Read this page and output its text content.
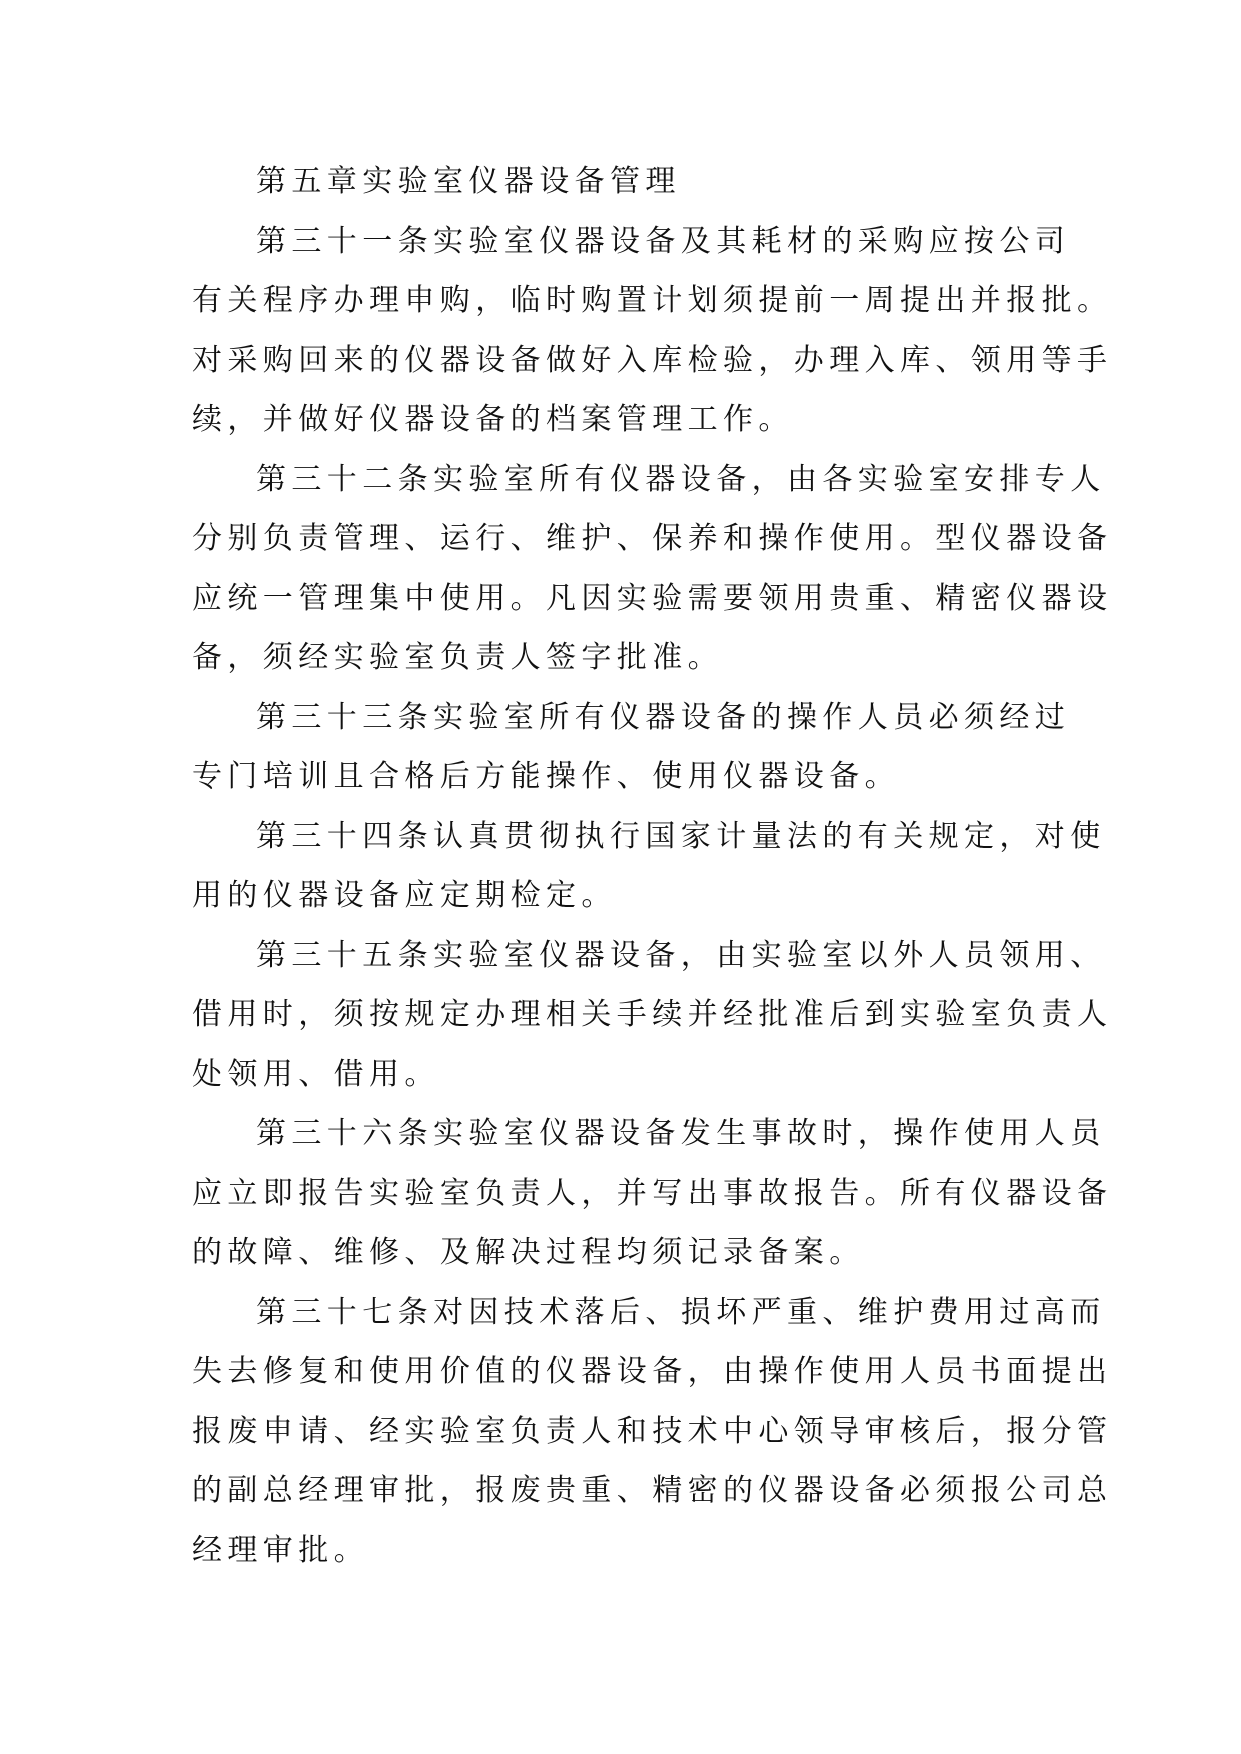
第五章实验室仪器设备管理
第三十一条实验室仪器设备及其耗材的采购应按公司
有关程序办理申购，临时购置计划须提前一周提出并报批。
对采购回来的仪器设备做好入库检验，办理入库、领用等手
续，并做好仪器设备的档案管理工作。
第三十二条实验室所有仪器设备，由各实验室安排专人
分别负责管理、运行、维护、保养和操作使用。型仪器设备
应统一管理集中使用。凡因实验需要领用贵重、精密仪器设
备，须经实验室负责人签字批准。
第三十三条实验室所有仪器设备的操作人员必须经过
专门培训且合格后方能操作、使用仪器设备。
第三十四条认真贯彻执行国家计量法的有关规定，对使
用的仪器设备应定期检定。
第三十五条实验室仪器设备，由实验室以外人员领用、
借用时，须按规定办理相关手续并经批准后到实验室负责人
处领用、借用。
第三十六条实验室仪器设备发生事故时，操作使用人员
应立即报告实验室负责人，并写出事故报告。所有仪器设备
的故障、维修、及解决过程均须记录备案。
第三十七条对因技术落后、损坏严重、维护费用过高而
失去修复和使用价值的仪器设备，由操作使用人员书面提出
报废申请、经实验室负责人和技术中心领导审核后，报分管
的副总经理审批，报废贵重、精密的仪器设备必须报公司总
经理审批。
